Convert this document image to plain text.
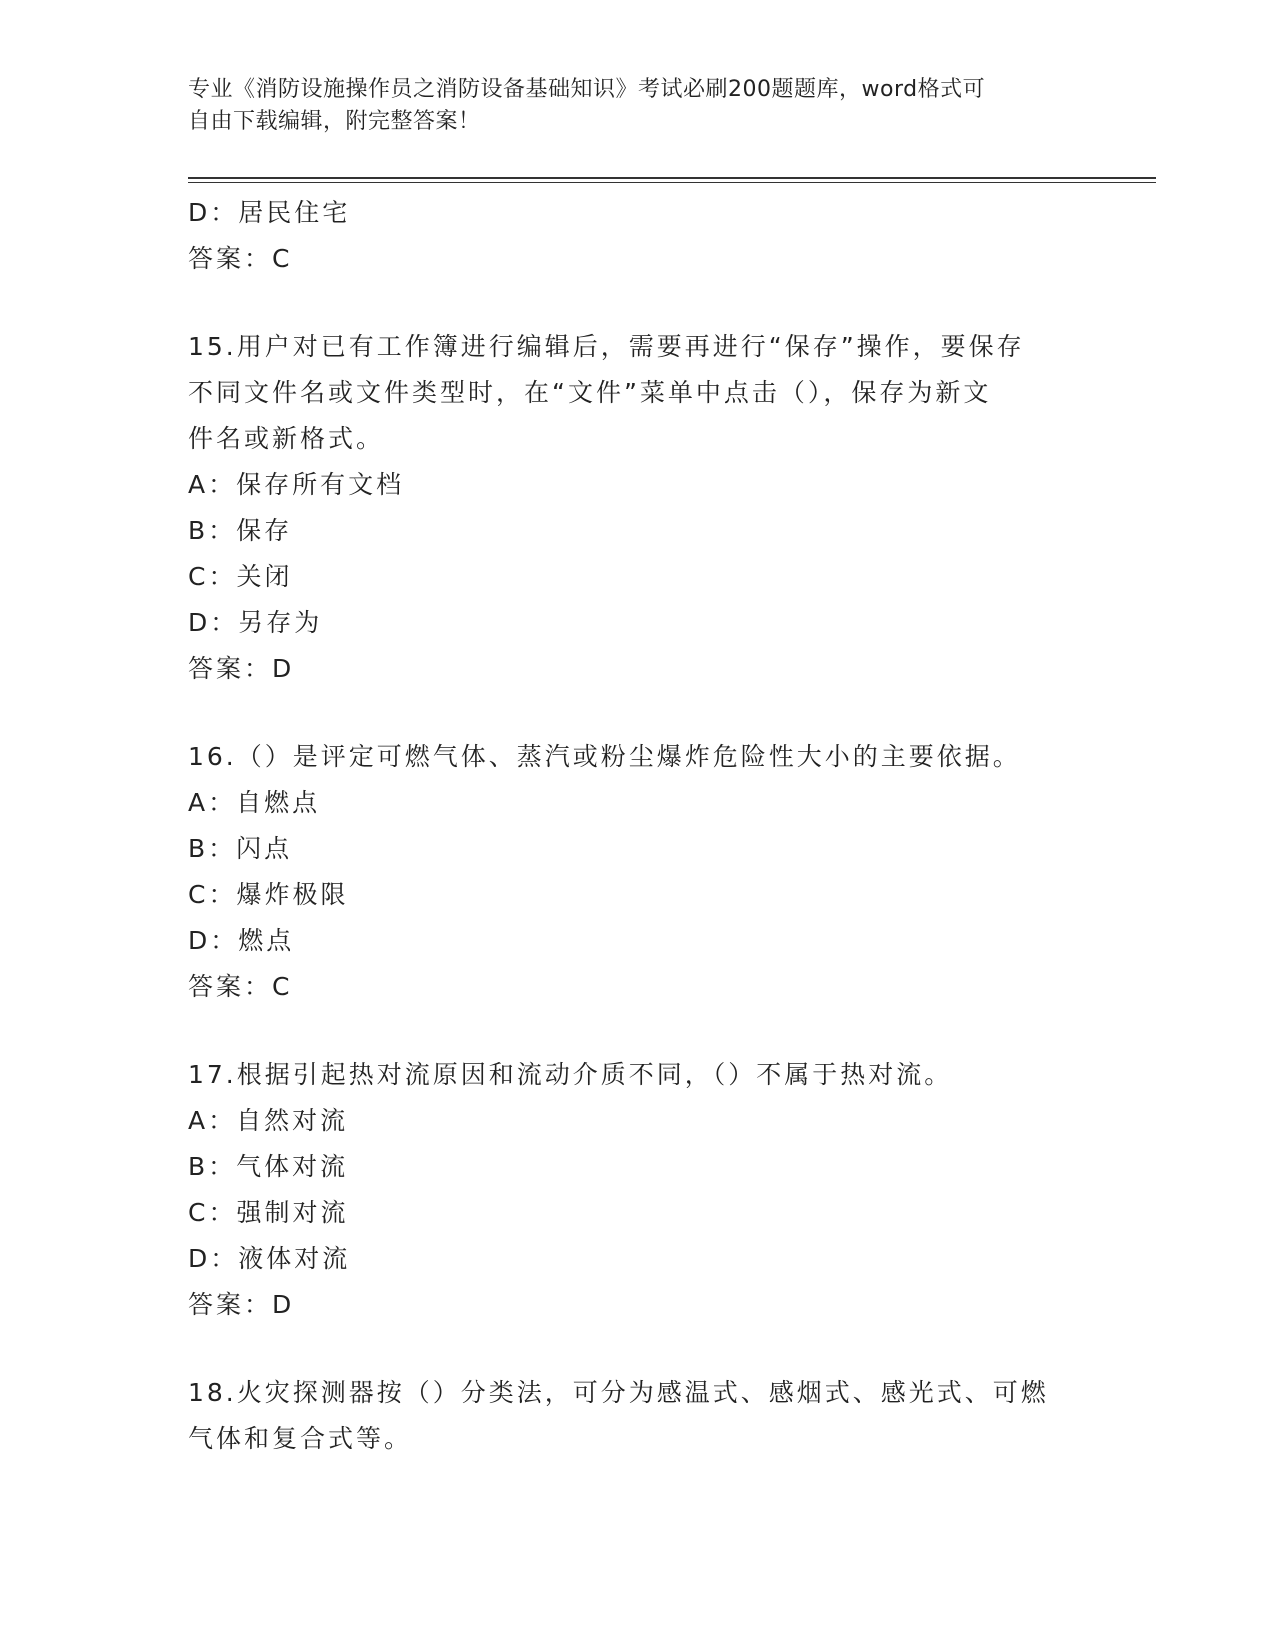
专业《消防设施操作员之消防设备基础知识》考试必刷200题题库，word格式可
自由下载编辑，附完整答案！
D：居民住宅
答案：C
15.用户对已有工作簿进行编辑后，需要再进行“保存”操作，要保存
不同文件名或文件类型时，在“文件”菜单中点击（），保存为新文
件名或新格式。
A：保存所有文档
B：保存
C：关闭
D：另存为
答案：D
16.（）是评定可燃气体、蒸汽或粉尘爆炸危险性大小的主要依据。
A：自燃点
B：闪点
C：爆炸极限
D：燃点
答案：C
17.根据引起热对流原因和流动介质不同，（）不属于热对流。
A：自然对流
B：气体对流
C：强制对流
D：液体对流
答案：D
18.火灾探测器按（）分类法，可分为感温式、感烟式、感光式、可燃
气体和复合式等。
